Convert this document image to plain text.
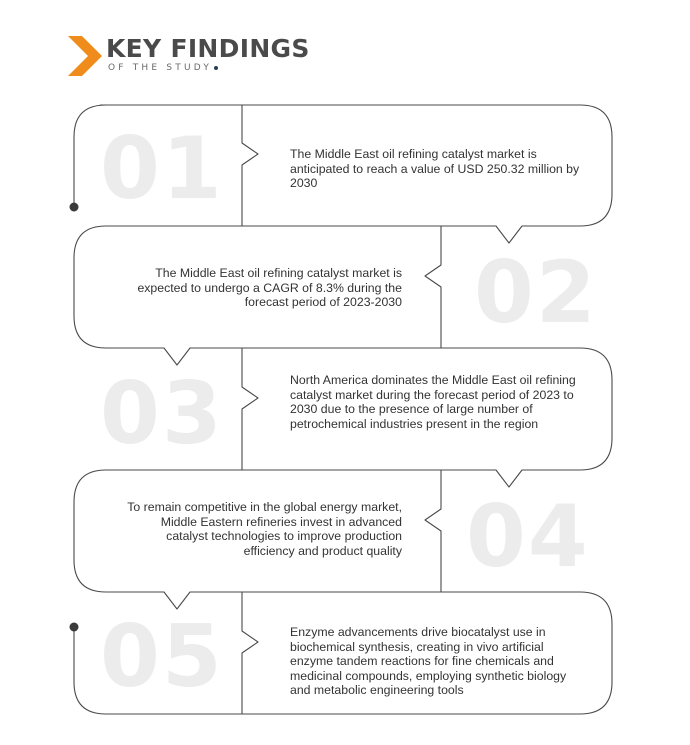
KEY FINDINGS
OF THE STUDY
01
02
03
04
05
The Middle East oil refining catalyst market is anticipated to reach a value of USD 250.32 million by 2030
The Middle East oil refining catalyst market is expected to undergo a CAGR of 8.3% during the forecast period of 2023-2030
North America dominates the Middle East oil refining catalyst market during the forecast period of 2023 to 2030 due to the presence of large number of petrochemical industries present in the region
To remain competitive in the global energy market, Middle Eastern refineries invest in advanced catalyst technologies to improve production efficiency and product quality
Enzyme advancements drive biocatalyst use in biochemical synthesis, creating in vivo artificial enzyme tandem reactions for fine chemicals and medicinal compounds, employing synthetic biology and metabolic engineering tools
